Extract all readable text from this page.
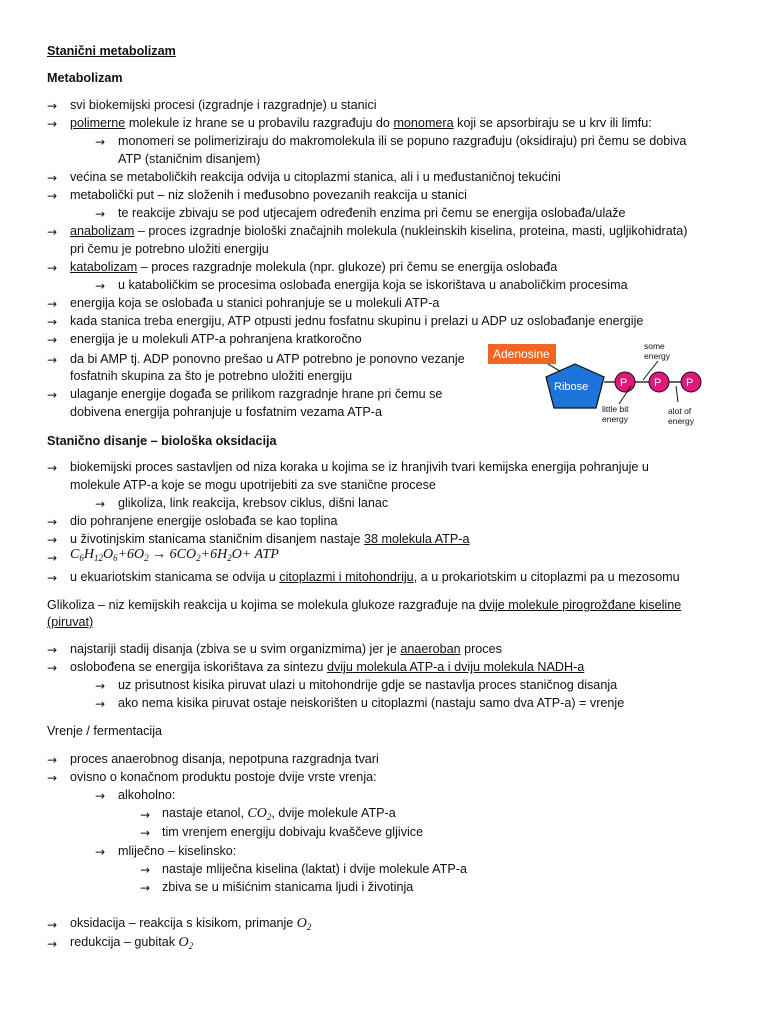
Stanični metabolizam
Metabolizam
→	svi biokemijski procesi (izgradnje i razgradnje) u stanici
→	polimerne molekule iz hrane se u probavilu razgrađuju do monomera koji se apsorbiraju se u krv ili limfu:
→	monomeri se polimeriziraju do makromolekula ili se popuno razgrađuju (oksidiraju) pri čemu se dobiva
ATP (staničnim disanjem)
→	većina se metaboličkih reakcija odvija u citoplazmi stanica, ali i u međustaničnoj tekućini
→	metabolički put – niz složenih i međusobno povezanih reakcija u stanici
→	te reakcije zbivaju se pod utjecajem određenih enzima pri čemu se energija oslobađa/ulaže
→	anabolizam – proces izgradnje biološki značajnih molekula (nukleinskih kiselina, proteina, masti, ugljikohidrata)
pri čemu je potrebno uložiti energiju
→	katabolizam – proces razgradnje molekula (npr. glukoze) pri čemu se energija oslobađa
→	u kataboličkim se procesima oslobađa energija koja se iskorištava u anaboličkim procesima
→	energija koja se oslobađa u stanici pohranjuje se u molekuli ATP-a
→	kada stanica treba energiju, ATP otpusti jednu fosfatnu skupinu i prelazi u ADP uz oslobađanje energije
→	energija je u molekuli ATP-a pohranjena kratkoročno
→	da bi AMP tj. ADP ponovno prešao u ATP potrebno je ponovno vezanje
fosfatnih skupina za što je potrebno uložiti energiju
→	ulaganje energije događa se prilikom razgradnje hrane pri čemu se
dobivena energija pohranjuje u fosfatnim vezama ATP-a
Adenosine
Ribose	P P P
some
energy
little bit
energy
alot of
energy
Stanično disanje – biološka oksidacija
→	biokemijski proces sastavljen od niza koraka u kojima se iz hranjivih tvari kemijska energija pohranjuje u
molekule ATP-a koje se mogu upotrijebiti za sve stanične procese
→	glikoliza, link reakcija, krebsov ciklus, dišni lanac
→	dio pohranjene energije oslobađa se kao toplina
→	u životinjskim stanicama staničnim disanjem nastaje 38 molekula ATP-a
→ $C_6H_{12}O_6+6O_2 \to 6CO_2+6H_2O+$ ATP
→	u ekuariotskim stanicama se odvija u citoplazmi i mitohondriju, a u prokariotskim u citoplazmi pa u mezosomu
Glikoliza – niz kemijskih reakcija u kojima se molekula glukoze razgrađuje na dvije molekule pirogrožđane kiseline
(piruvat)
→	najstariji stadij disanja (zbiva se u svim organizmima) jer je anaeroban proces
→	oslobođena se energija iskorištava za sintezu dviju molekula ATP-a i dviju molekula NADH-a
→	uz prisutnost kisika piruvat ulazi u mitohondrije gdje se nastavlja proces staničnog disanja
→	ako nema kisika piruvat ostaje neiskorišten u citoplazmi (nastaju samo dva ATP-a) = vrenje
Vrenje / fermentacija
→	proces anaerobnog disanja, nepotpuna razgradnja tvari
→	ovisno o konačnom produktu postoje dvije vrste vrenja:
→	alkoholno:
→ nastaje etanol, $CO_2$, dvije molekule ATP-a
→ tim vrenjem energiju dobivaju kvaščeve gljivice
→	mliječno – kiselinsko:
→ nastaje mliječna kiselina (laktat) i dvije molekule ATP-a
→ zbiva se u mišićnim stanicama ljudi i životinja
→	oksidacija – reakcija s kisikom, primanje $O_2$
→	redukcija – gubitak $O_2$
